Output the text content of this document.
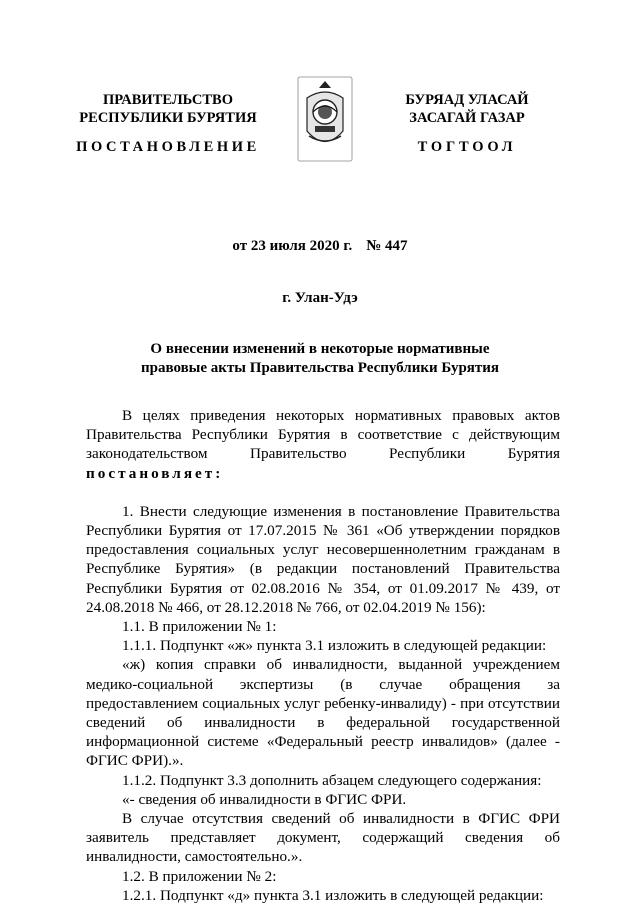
ПРАВИТЕЛЬСТВО
РЕСПУБЛИКИ БУРЯТИЯ
БУРЯАД УЛАСАЙ
ЗАСАГАЙ ГАЗАР
ПОСТАНОВЛЕНИЕ	ТОГТООЛ
от 23 июля 2020 г. № 447
г. Улан-Удэ
О внесении изменений в некоторые нормативные
правовые акты Правительства Республики Бурятия

В целях приведения некоторых нормативных правовых актов Правительства Республики Бурятия в соответствие с действующим законодательством Правительство Республики Бурятия постановляет:

1. Внести следующие изменения в постановление Правительства Республики Бурятия от 17.07.2015 № 361 «Об утверждении порядков предоставления социальных услуг несовершеннолетним гражданам в Республике Бурятия» (в редакции постановлений Правительства Республики Бурятия от 02.08.2016 № 354, от 01.09.2017 № 439, от 24.08.2018 № 466, от 28.12.2018 № 766, от 02.04.2019 № 156):

1.1. В приложении № 1:

1.1.1. Подпункт «ж» пункта 3.1 изложить в следующей редакции:

«ж) копия справки об инвалидности, выданной учреждением медико-социальной экспертизы (в случае обращения за предоставлением социальных услуг ребенку-инвалиду) - при отсутствии сведений об инвалидности в федеральной государственной информационной системе «Федеральный реестр инвалидов» (далее - ФГИС ФРИ).».

1.1.2. Подпункт 3.3 дополнить абзацем следующего содержания:

«- сведения об инвалидности в ФГИС ФРИ.

В случае отсутствия сведений об инвалидности в ФГИС ФРИ заявитель представляет документ, содержащий сведения об инвалидности, самостоятельно.».

1.2. В приложении № 2:

1.2.1. Подпункт «д» пункта 3.1 изложить в следующей редакции:
